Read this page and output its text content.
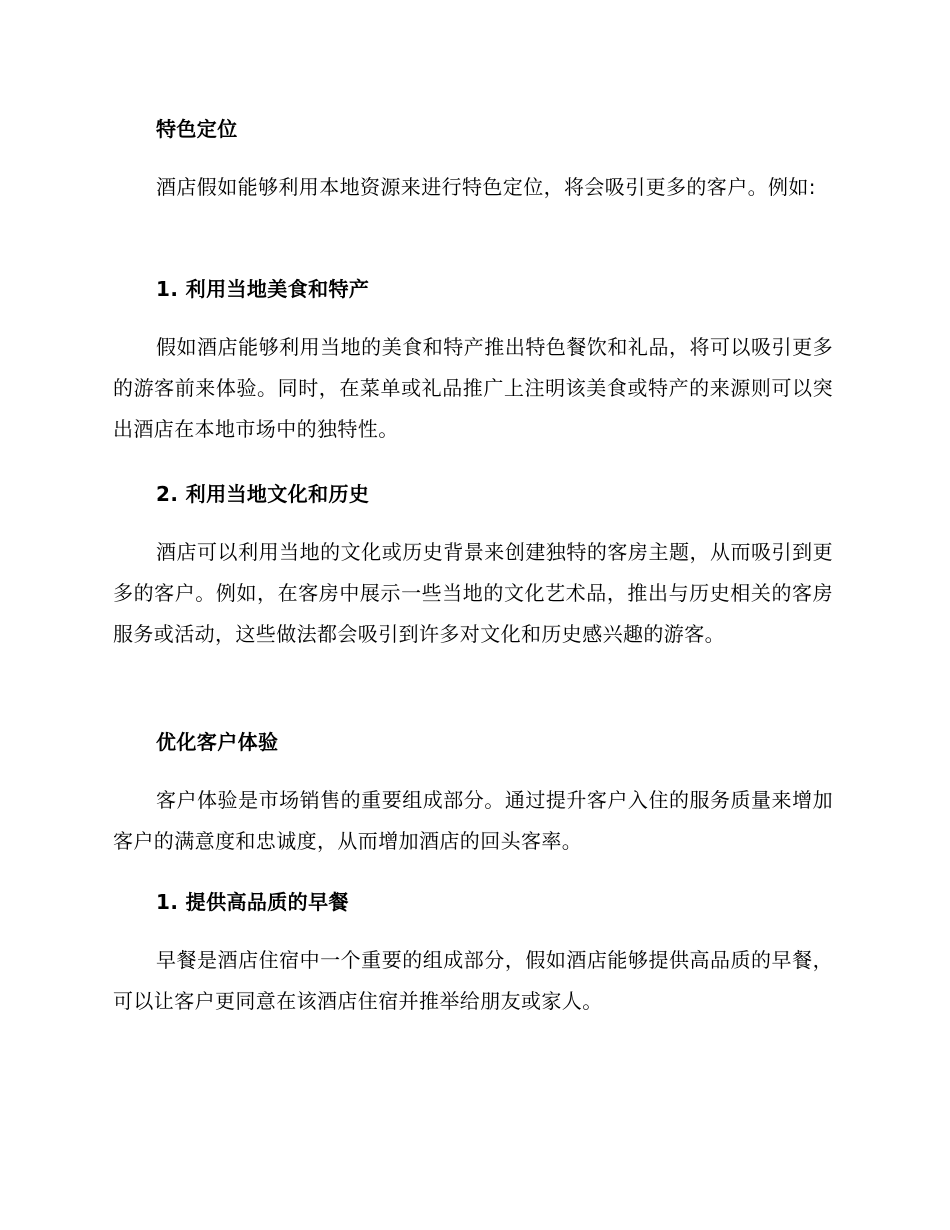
特色定位

酒店假如能够利用本地资源来进行特色定位，将会吸引更多的客户。例如:

1. 利用当地美食和特产

假如酒店能够利用当地的美食和特产推出特色餐饮和礼品，将可以吸引更多的游客前来体验。同时，在菜单或礼品推广上注明该美食或特产的来源则可以突出酒店在本地市场中的独特性。

2. 利用当地文化和历史

酒店可以利用当地的文化或历史背景来创建独特的客房主题，从而吸引到更多的客户。例如，在客房中展示一些当地的文化艺术品，推出与历史相关的客房服务或活动，这些做法都会吸引到许多对文化和历史感兴趣的游客。

优化客户体验

客户体验是市场销售的重要组成部分。通过提升客户入住的服务质量来增加客户的满意度和忠诚度，从而增加酒店的回头客率。

1. 提供高品质的早餐

早餐是酒店住宿中一个重要的组成部分，假如酒店能够提供高品质的早餐，可以让客户更同意在该酒店住宿并推举给朋友或家人。
